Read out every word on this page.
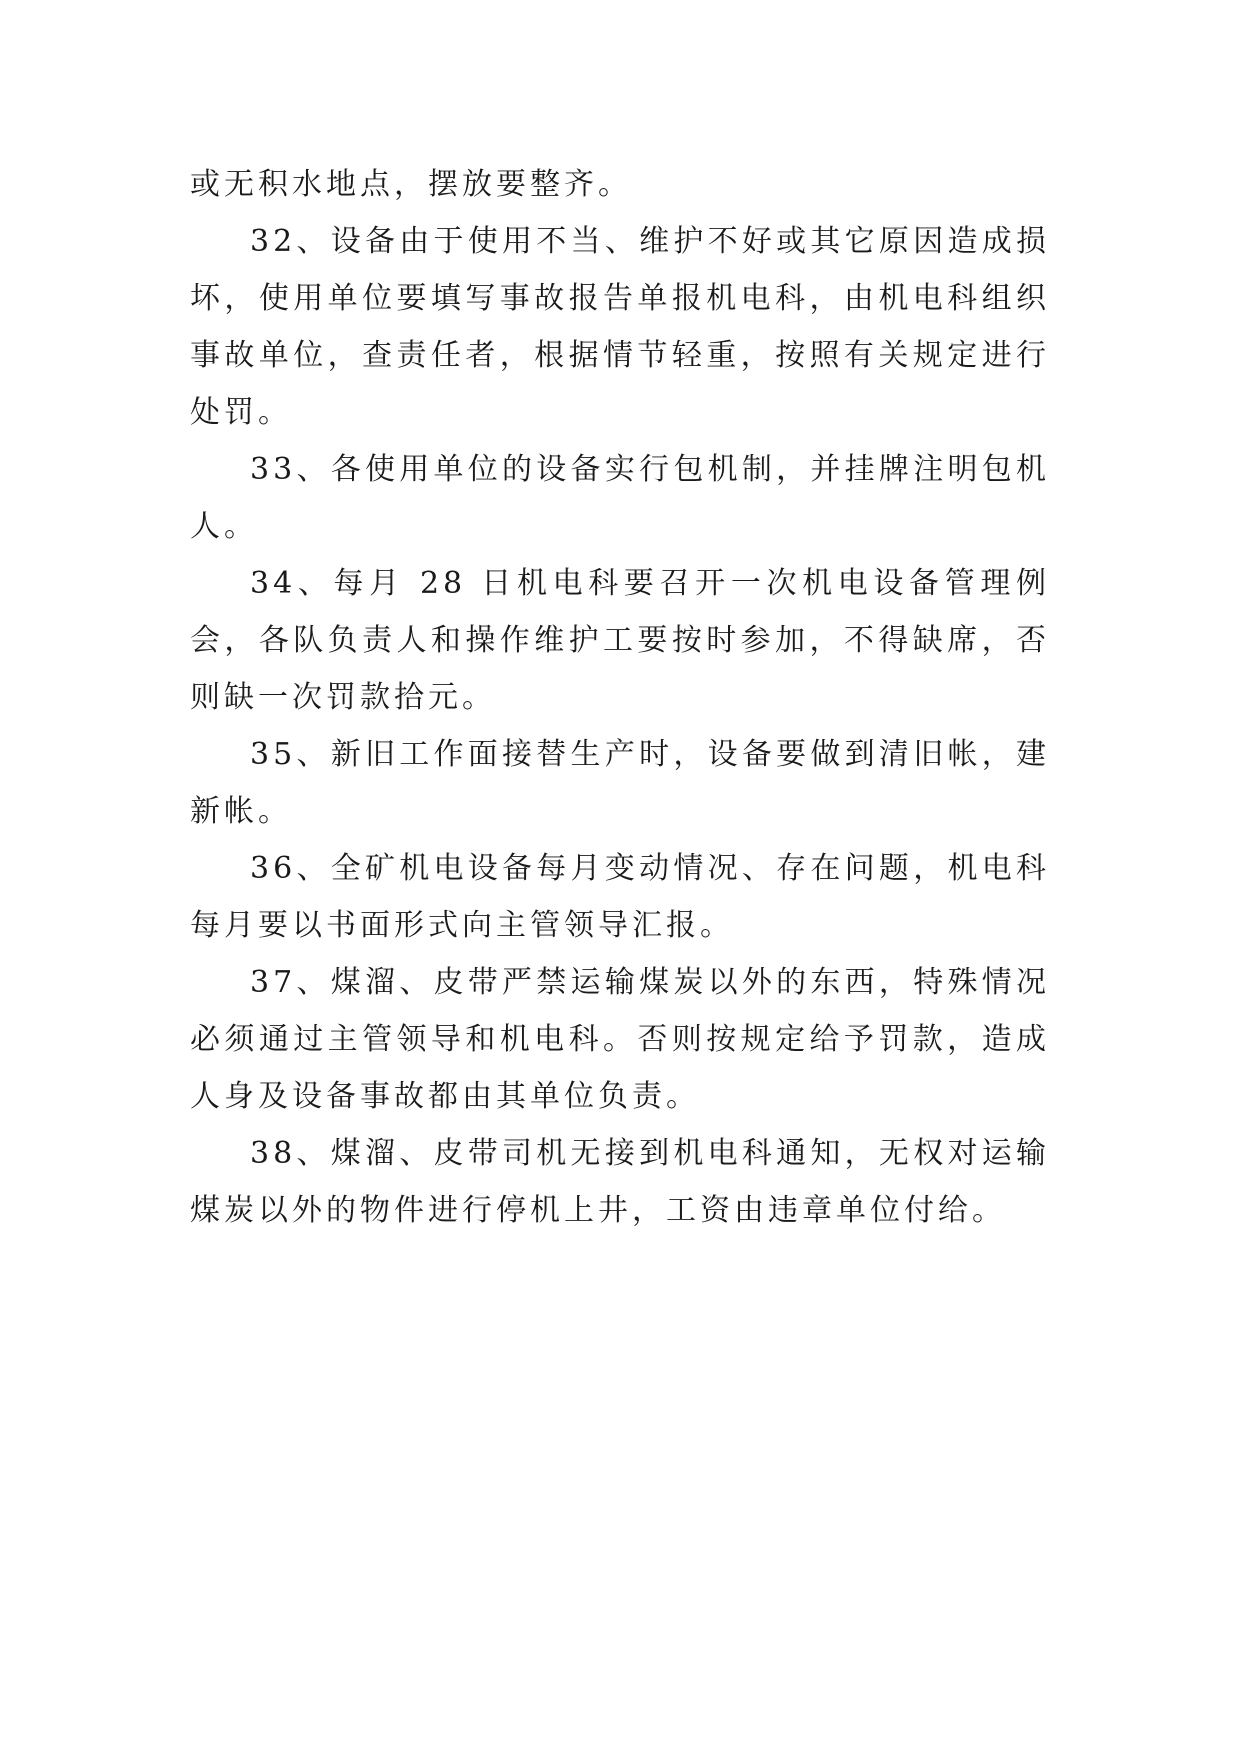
或无积水地点，摆放要整齐。

32、设备由于使用不当、维护不好或其它原因造成损坏，使用单位要填写事故报告单报机电科，由机电科组织事故单位，查责任者，根据情节轻重，按照有关规定进行处罚。

33、各使用单位的设备实行包机制，并挂牌注明包机人。

34、每月 28 日机电科要召开一次机电设备管理例会，各队负责人和操作维护工要按时参加，不得缺席，否则缺一次罚款拾元。

35、新旧工作面接替生产时，设备要做到清旧帐，建新帐。

36、全矿机电设备每月变动情况、存在问题，机电科每月要以书面形式向主管领导汇报。

37、煤溜、皮带严禁运输煤炭以外的东西，特殊情况必须通过主管领导和机电科。否则按规定给予罚款，造成人身及设备事故都由其单位负责。

38、煤溜、皮带司机无接到机电科通知，无权对运输煤炭以外的物件进行停机上井，工资由违章单位付给。
